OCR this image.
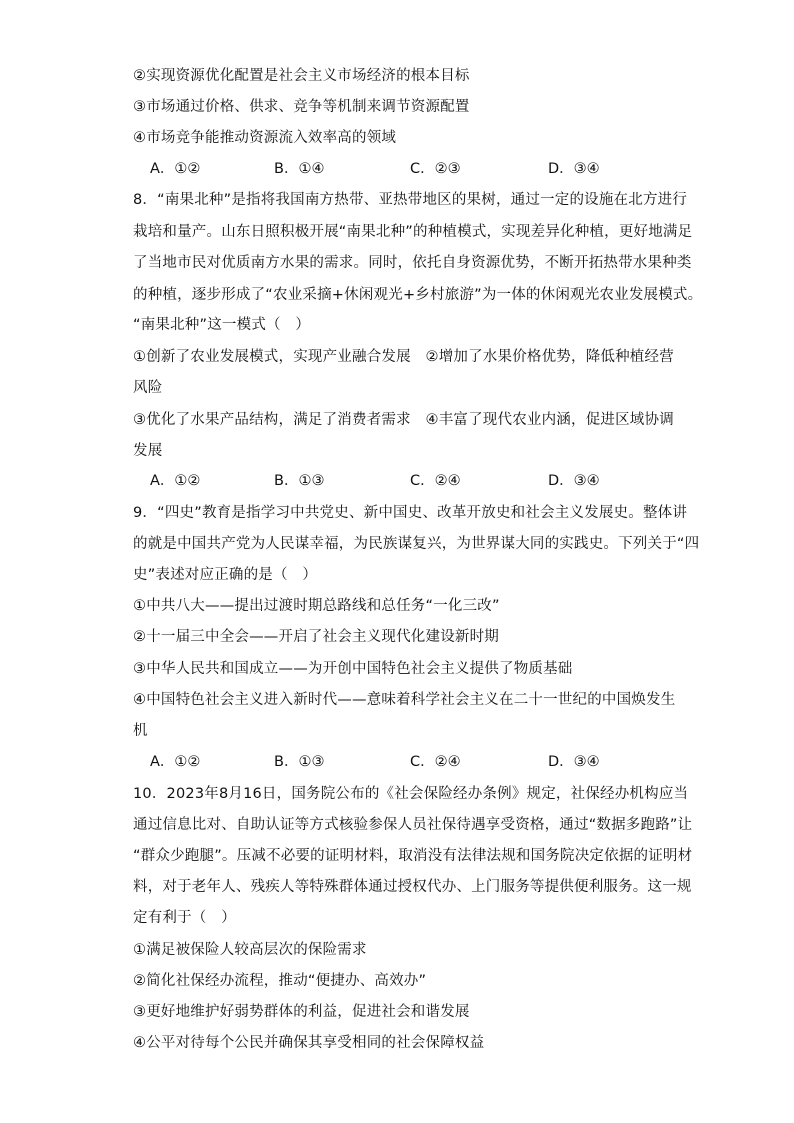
②实现资源优化配置是社会主义市场经济的根本目标
③市场通过价格、供求、竞争等机制来调节资源配置
④市场竞争能推动资源流入效率高的领域
A．①②	B．①④	C．②③	D．③④
8．“南果北种”是指将我国南方热带、亚热带地区的果树，通过一定的设施在北方进行
栽培和量产。山东日照积极开展“南果北种”的种植模式，实现差异化种植，更好地满足
了当地市民对优质南方水果的需求。同时，依托自身资源优势，不断开拓热带水果种类
的种植，逐步形成了“农业采摘+休闲观光+乡村旅游”为一体的休闲观光农业发展模式。
“南果北种”这一模式（　）
①创新了农业发展模式，实现产业融合发展　②增加了水果价格优势，降低种植经营
风险
③优化了水果产品结构，满足了消费者需求　④丰富了现代农业内涵，促进区域协调
发展
A．①②	B．①③	C．②④	D．③④
9．“四史”教育是指学习中共党史、新中国史、改革开放史和社会主义发展史。整体讲
的就是中国共产党为人民谋幸福，为民族谋复兴，为世界谋大同的实践史。下列关于“四
史”表述对应正确的是（　）
①中共八大——提出过渡时期总路线和总任务“一化三改”
②十一届三中全会——开启了社会主义现代化建设新时期
③中华人民共和国成立——为开创中国特色社会主义提供了物质基础
④中国特色社会主义进入新时代——意味着科学社会主义在二十一世纪的中国焕发生
机
A．①②	B．①③	C．②④	D．③④
10．2023年8月16日，国务院公布的《社会保险经办条例》规定，社保经办机构应当
通过信息比对、自助认证等方式核验参保人员社保待遇享受资格，通过“数据多跑路”让
“群众少跑腿”。压减不必要的证明材料，取消没有法律法规和国务院决定依据的证明材
料，对于老年人、残疾人等特殊群体通过授权代办、上门服务等提供便利服务。这一规
定有利于（　）
①满足被保险人较高层次的保险需求
②简化社保经办流程，推动“便捷办、高效办”
③更好地维护好弱势群体的利益，促进社会和谐发展
④公平对待每个公民并确保其享受相同的社会保障权益
